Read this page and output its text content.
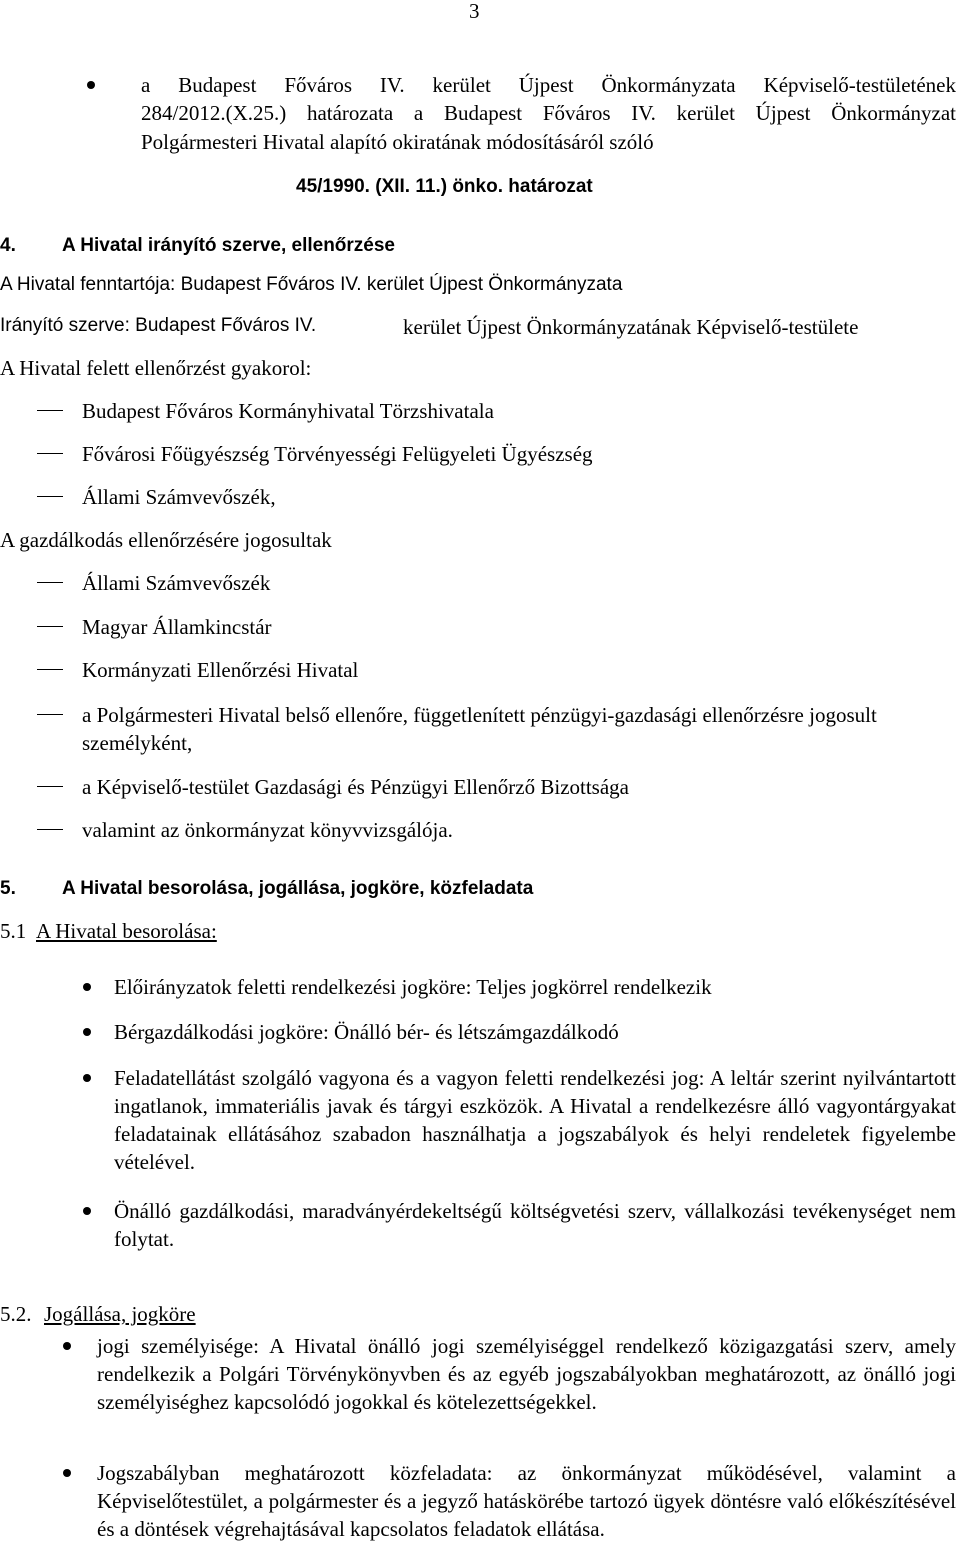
3
a Budapest Főváros IV. kerület Újpest Önkormányzata Képviselő-testületének
284/2012.(X.25.) határozata a Budapest Főváros IV. kerület Újpest Önkormányzat
Polgármesteri Hivatal alapító okiratának módosításáról szóló
45/1990. (XII. 11.) önko. határozat
4. A Hivatal irányító szerve, ellenőrzése
A Hivatal fenntartója: Budapest Főváros IV. kerület Újpest Önkormányzata
Irányító szerve: Budapest Főváros IV.	kerület Újpest Önkormányzatának Képviselő-testülete
A Hivatal felett ellenőrzést gyakorol:
Budapest Főváros Kormányhivatal Törzshivatala
Fővárosi Főügyészség Törvényességi Felügyeleti Ügyészség
Állami Számvevőszék,
A gazdálkodás ellenőrzésére jogosultak
Állami Számvevőszék
Magyar Államkincstár
Kormányzati Ellenőrzési Hivatal
a Polgármesteri Hivatal belső ellenőre, függetlenített pénzügyi-gazdasági ellenőrzésre jogosult személyként,
a Képviselő-testület Gazdasági és Pénzügyi Ellenőrző Bizottsága
valamint az önkormányzat könyvvizsgálója.
5. A Hivatal besorolása, jogállása, jogköre, közfeladata
5.1 A Hivatal besorolása:
Előirányzatok feletti rendelkezési jogköre: Teljes jogkörrel rendelkezik
Bérgazdálkodási jogköre: Önálló bér- és létszámgazdálkodó
Feladatellátást szolgáló vagyona és a vagyon feletti rendelkezési jog: A leltár szerint nyilvántartott ingatlanok, immateriális javak és tárgyi eszközök. A Hivatal a rendelkezésre álló vagyontárgyakat feladatainak ellátásához szabadon használhatja a jogszabályok és helyi rendeletek figyelembe vételével.
Önálló gazdálkodási, maradványérdekeltségű költségvetési szerv, vállalkozási tevékenységet nem folytat.
5.2. Jogállása, jogköre
jogi személyisége: A Hivatal önálló jogi személyiséggel rendelkező közigazgatási szerv, amely rendelkezik a Polgári Törvénykönyvben és az egyéb jogszabályokban meghatározott, az önálló jogi személyiséghez kapcsolódó jogokkal és kötelezettségekkel.
Jogszabályban meghatározott közfeladata: az önkormányzat működésével, valamint a Képviselőtestület, a polgármester és a jegyző hatáskörébe tartozó ügyek döntésre való előkészítésével és a döntések végrehajtásával kapcsolatos feladatok ellátása.
